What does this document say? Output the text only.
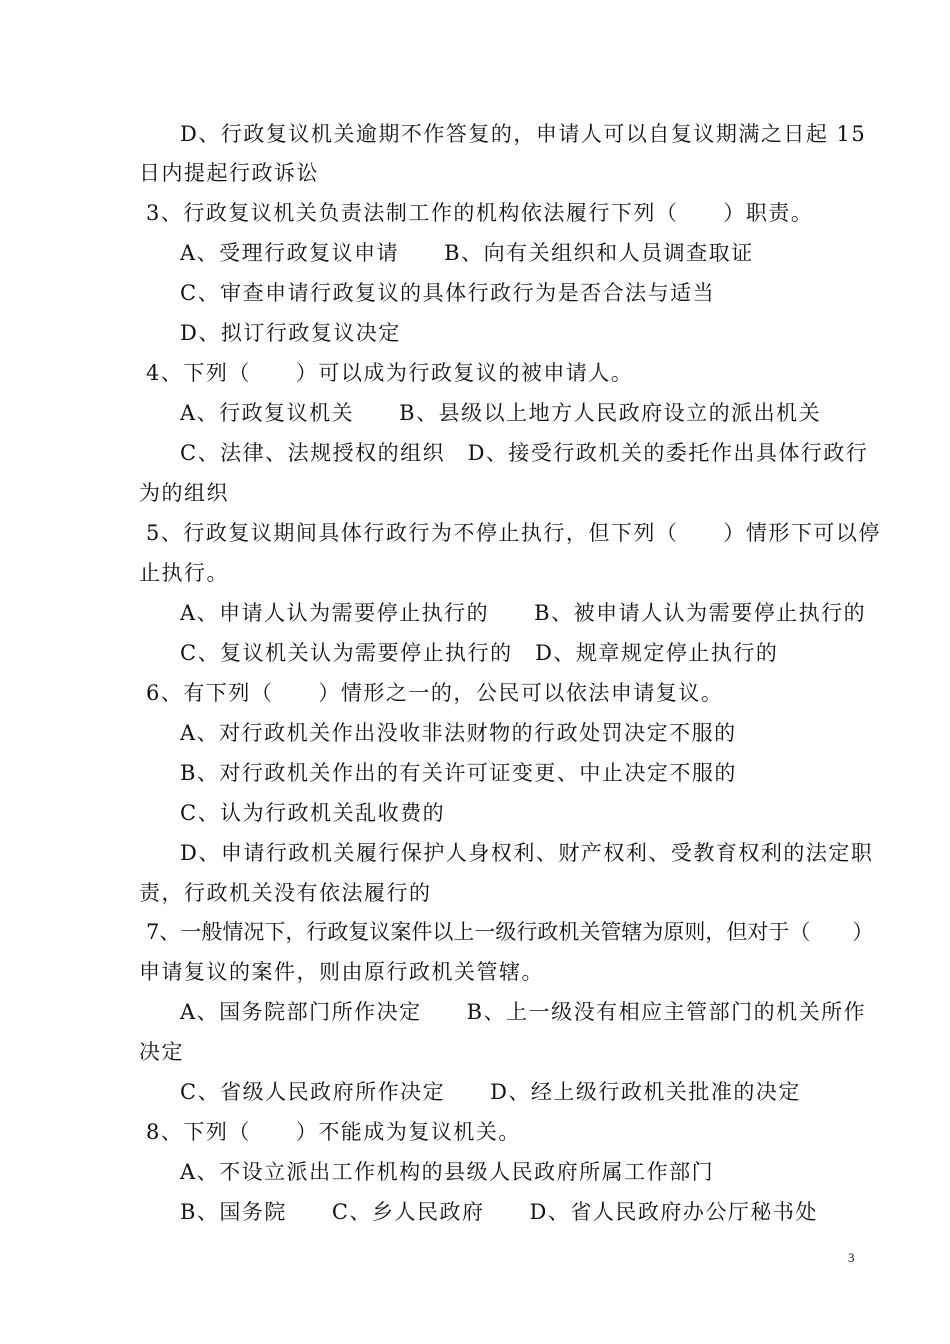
D、行政复议机关逾期不作答复的，申请人可以自复议期满之日起 15
日内提起行政诉讼
3、行政复议机关负责法制工作的机构依法履行下列（　　）职责。
A、受理行政复议申请　　B、向有关组织和人员调查取证
C、审查申请行政复议的具体行政行为是否合法与适当
D、拟订行政复议决定
4、下列（　　）可以成为行政复议的被申请人。
A、行政复议机关　　B、县级以上地方人民政府设立的派出机关
C、法律、法规授权的组织　D、接受行政机关的委托作出具体行政行
为的组织
5、行政复议期间具体行政行为不停止执行，但下列（　　）情形下可以停
止执行。
A、申请人认为需要停止执行的　　B、被申请人认为需要停止执行的
C、复议机关认为需要停止执行的　D、规章规定停止执行的
6、有下列（　　）情形之一的，公民可以依法申请复议。
A、对行政机关作出没收非法财物的行政处罚决定不服的
B、对行政机关作出的有关许可证变更、中止决定不服的
C、认为行政机关乱收费的
D、申请行政机关履行保护人身权利、财产权利、受教育权利的法定职
责，行政机关没有依法履行的
7、一般情况下，行政复议案件以上一级行政机关管辖为原则，但对于（　　）
申请复议的案件，则由原行政机关管辖。
A、国务院部门所作决定　　B、上一级没有相应主管部门的机关所作
决定
C、省级人民政府所作决定　　D、经上级行政机关批准的决定
8、下列（　　）不能成为复议机关。
A、不设立派出工作机构的县级人民政府所属工作部门
B、国务院　　C、乡人民政府　　D、省人民政府办公厅秘书处
3
